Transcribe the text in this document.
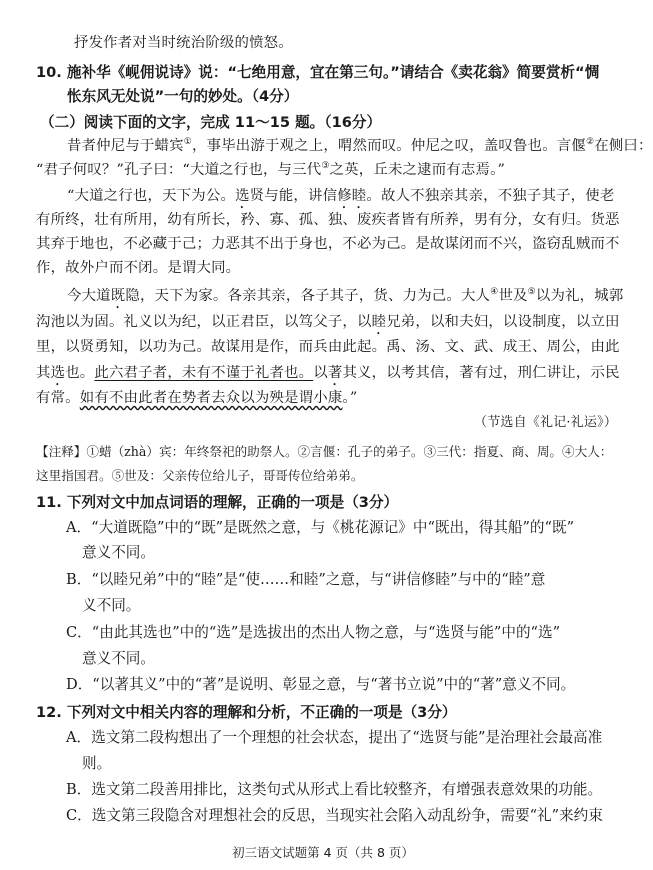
抒发作者对当时统治阶级的愤怒。
10. 施补华《岘佣说诗》说：“七绝用意，宜在第三句。”请结合《卖花翁》简要赏析“惆
怅东风无处说”一句的妙处。（4分）
（二）阅读下面的文字，完成 11～15 题。（16分）
昔者仲尼与于蜡宾①，事毕出游于观之上，喟然而叹。仲尼之叹，盖叹鲁也。言偃②在侧曰：
“君子何叹？”孔子曰：“大道之行也，与三代③之英，丘未之逮而有志焉。”
“大道之行也，天下为公。选贤与能，讲信修睦。故人不独亲其亲，不独子其子，使老
有所终，壮有所用，幼有所长，矜、寡、孤、独、废疾者皆有所养，男有分，女有归。货恶
其弃于地也，不必藏于己；力恶其不出于身也，不必为己。是故谋闭而不兴，盗窃乱贼而不
作，故外户而不闭。是谓大同。
今大道既隐，天下为家。各亲其亲，各子其子，货、力为己。大人④世及⑤以为礼，城郭
沟池以为固。礼义以为纪，以正君臣，以笃父子，以睦兄弟，以和夫妇，以设制度，以立田
里，以贤勇知，以功为己。故谋用是作，而兵由此起。禹、汤、文、武、成王、周公，由此
其选也。此六君子者，未有不谨于礼者也。以著其义，以考其信，著有过，刑仁讲让，示民
有常。如有不由此者在势者去众以为殃是谓小康。”
（节选自《礼记·礼运》）
【注释】①蜡（zhà）宾：年终祭祀的助祭人。②言偃：孔子的弟子。③三代：指夏、商、周。④大人：
这里指国君。⑤世及：父亲传位给儿子，哥哥传位给弟弟。
11. 下列对文中加点词语的理解，正确的一项是（3分）
A．“大道既隐”中的“既”是既然之意，与《桃花源记》中“既出，得其船”的“既”
意义不同。
B．“以睦兄弟”中的“睦”是“使……和睦”之意，与“讲信修睦”与中的“睦”意
义不同。
C．“由此其选也”中的“选”是选拔出的杰出人物之意，与“选贤与能”中的“选”
意义不同。
D．“以著其义”中的“著”是说明、彰显之意，与“著书立说”中的“著”意义不同。
12. 下列对文中相关内容的理解和分析，不正确的一项是（3分）
A．选文第二段构想出了一个理想的社会状态，提出了“选贤与能”是治理社会最高准
则。
B．选文第二段善用排比，这类句式从形式上看比较整齐，有增强表意效果的功能。
C．选文第三段隐含对理想社会的反思，当现实社会陷入动乱纷争，需要“礼”来约束
初三语文试题第 4 页（共 8 页）
